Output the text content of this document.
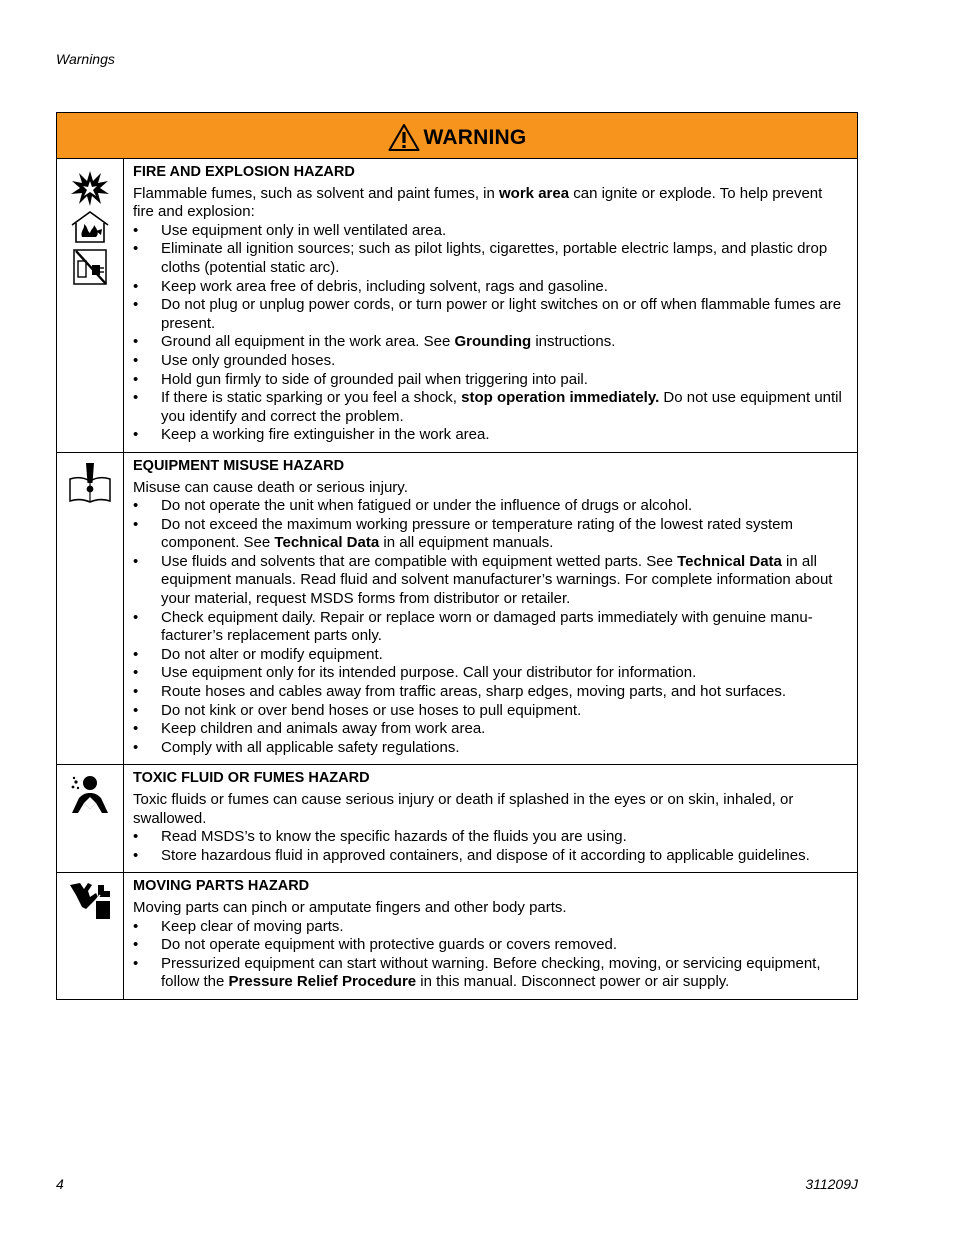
Warnings
WARNING
FIRE AND EXPLOSION HAZARD

Flammable fumes, such as solvent and paint fumes, in work area can ignite or explode. To help prevent fire and explosion:

• Use equipment only in well ventilated area.
• Eliminate all ignition sources; such as pilot lights, cigarettes, portable electric lamps, and plastic drop cloths (potential static arc).
• Keep work area free of debris, including solvent, rags and gasoline.
• Do not plug or unplug power cords, or turn power or light switches on or off when flammable fumes are present.
• Ground all equipment in the work area. See Grounding instructions.
• Use only grounded hoses.
• Hold gun firmly to side of grounded pail when triggering into pail.
• If there is static sparking or you feel a shock, stop operation immediately. Do not use equipment until you identify and correct the problem.
• Keep a working fire extinguisher in the work area.
EQUIPMENT MISUSE HAZARD

Misuse can cause death or serious injury.

• Do not operate the unit when fatigued or under the influence of drugs or alcohol.
• Do not exceed the maximum working pressure or temperature rating of the lowest rated system component. See Technical Data in all equipment manuals.
• Use fluids and solvents that are compatible with equipment wetted parts. See Technical Data in all equipment manuals. Read fluid and solvent manufacturer’s warnings. For complete information about your material, request MSDS forms from distributor or retailer.
• Check equipment daily. Repair or replace worn or damaged parts immediately with genuine manu-facturer’s replacement parts only.
• Do not alter or modify equipment.
• Use equipment only for its intended purpose. Call your distributor for information.
• Route hoses and cables away from traffic areas, sharp edges, moving parts, and hot surfaces.
• Do not kink or over bend hoses or use hoses to pull equipment.
• Keep children and animals away from work area.
• Comply with all applicable safety regulations.
TOXIC FLUID OR FUMES HAZARD

Toxic fluids or fumes can cause serious injury or death if splashed in the eyes or on skin, inhaled, or swallowed.

• Read MSDS’s to know the specific hazards of the fluids you are using.
• Store hazardous fluid in approved containers, and dispose of it according to applicable guidelines.
MOVING PARTS HAZARD

Moving parts can pinch or amputate fingers and other body parts.

• Keep clear of moving parts.
• Do not operate equipment with protective guards or covers removed.
• Pressurized equipment can start without warning. Before checking, moving, or servicing equipment, follow the Pressure Relief Procedure in this manual. Disconnect power or air supply.
4	311209J
